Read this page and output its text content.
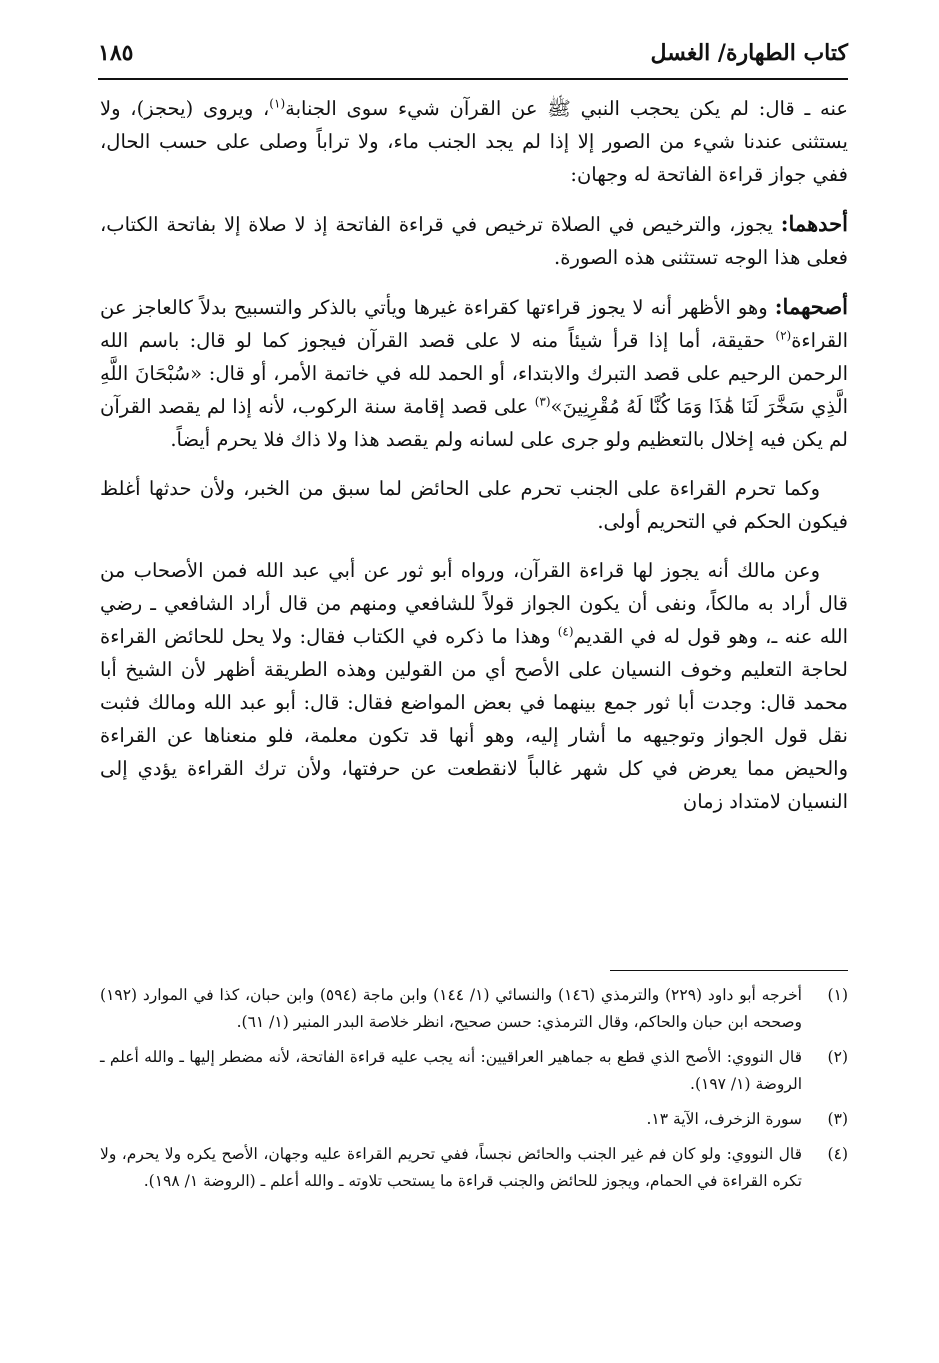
كتاب الطهارة/ الغسل
١٨٥

عنه ـ قال: لم يكن يحجب النبي ﷺ عن القرآن شيء سوى الجنابة$^{(١)}$، ويروى (يحجز)، ولا يستثنى عندنا شيء من الصور إلا إذا لم يجد الجنب ماء، ولا تراباً وصلى على حسب الحال، ففي جواز قراءة الفاتحة له وجهان:

أحدهما: يجوز، والترخيص في الصلاة ترخيص في قراءة الفاتحة إذ لا صلاة إلا بفاتحة الكتاب، فعلى هذا الوجه تستثنى هذه الصورة.

أصحهما: وهو الأظهر أنه لا يجوز قراءتها كقراءة غيرها ويأتي بالذكر والتسبيح بدلاً كالعاجز عن القراءة$^{(٢)}$ حقيقة، أما إذا قرأ شيئاً منه لا على قصد القرآن فيجوز كما لو قال: باسم الله الرحمن الرحيم على قصد التبرك والابتداء، أو الحمد لله في خاتمة الأمر، أو قال: «سُبْحَانَ اللَّهِ الَّذِي سَخَّرَ لَنَا هَٰذَا وَمَا كُنَّا لَهُ مُقْرِنِينَ»$^{(٣)}$ على قصد إقامة سنة الركوب، لأنه إذا لم يقصد القرآن لم يكن فيه إخلال بالتعظيم ولو جرى على لسانه ولم يقصد هذا ولا ذاك فلا يحرم أيضاً.

وكما تحرم القراءة على الجنب تحرم على الحائض لما سبق من الخبر، ولأن حدثها أغلظ فيكون الحكم في التحريم أولى.

وعن مالك أنه يجوز لها قراءة القرآن، ورواه أبو ثور عن أبي عبد الله فمن الأصحاب من قال أراد به مالكاً، ونفى أن يكون الجواز قولاً للشافعي ومنهم من قال أراد الشافعي ـ رضي الله عنه ـ، وهو قول له في القديم$^{(٤)}$ وهذا ما ذكره في الكتاب فقال: ولا يحل للحائض القراءة لحاجة التعليم وخوف النسيان على الأصح أي من القولين وهذه الطريقة أظهر لأن الشيخ أبا محمد قال: وجدت أبا ثور جمع بينهما في بعض المواضع فقال: قال: أبو عبد الله ومالك فثبت نقل قول الجواز وتوجيهه ما أشار إليه، وهو أنها قد تكون معلمة، فلو منعناها عن القراءة والحيض مما يعرض في كل شهر غالباً لانقطعت عن حرفتها، ولأن ترك القراءة يؤدي إلى النسيان لامتداد زمان

(١)
أخرجه أبو داود (٢٢٩) والترمذي (١٤٦) والنسائي (١/ ١٤٤) وابن ماجة (٥٩٤) وابن حبان، كذا في الموارد (١٩٢) وصححه ابن حبان والحاكم، وقال الترمذي: حسن صحيح، انظر خلاصة البدر المنير (١/ ٦١).
(٢)
قال النووي: الأصح الذي قطع به جماهير العراقيين: أنه يجب عليه قراءة الفاتحة، لأنه مضطر إليها ـ والله أعلم ـ الروضة (١/ ١٩٧).
(٣)
سورة الزخرف، الآية ١٣.
(٤)
قال النووي: ولو كان فم غير الجنب والحائض نجساً، ففي تحريم القراءة عليه وجهان، الأصح يكره ولا يحرم، ولا تكره القراءة في الحمام، ويجوز للحائض والجنب قراءة ما يستحب تلاوته ـ والله أعلم ـ (الروضة ١/ ١٩٨).
